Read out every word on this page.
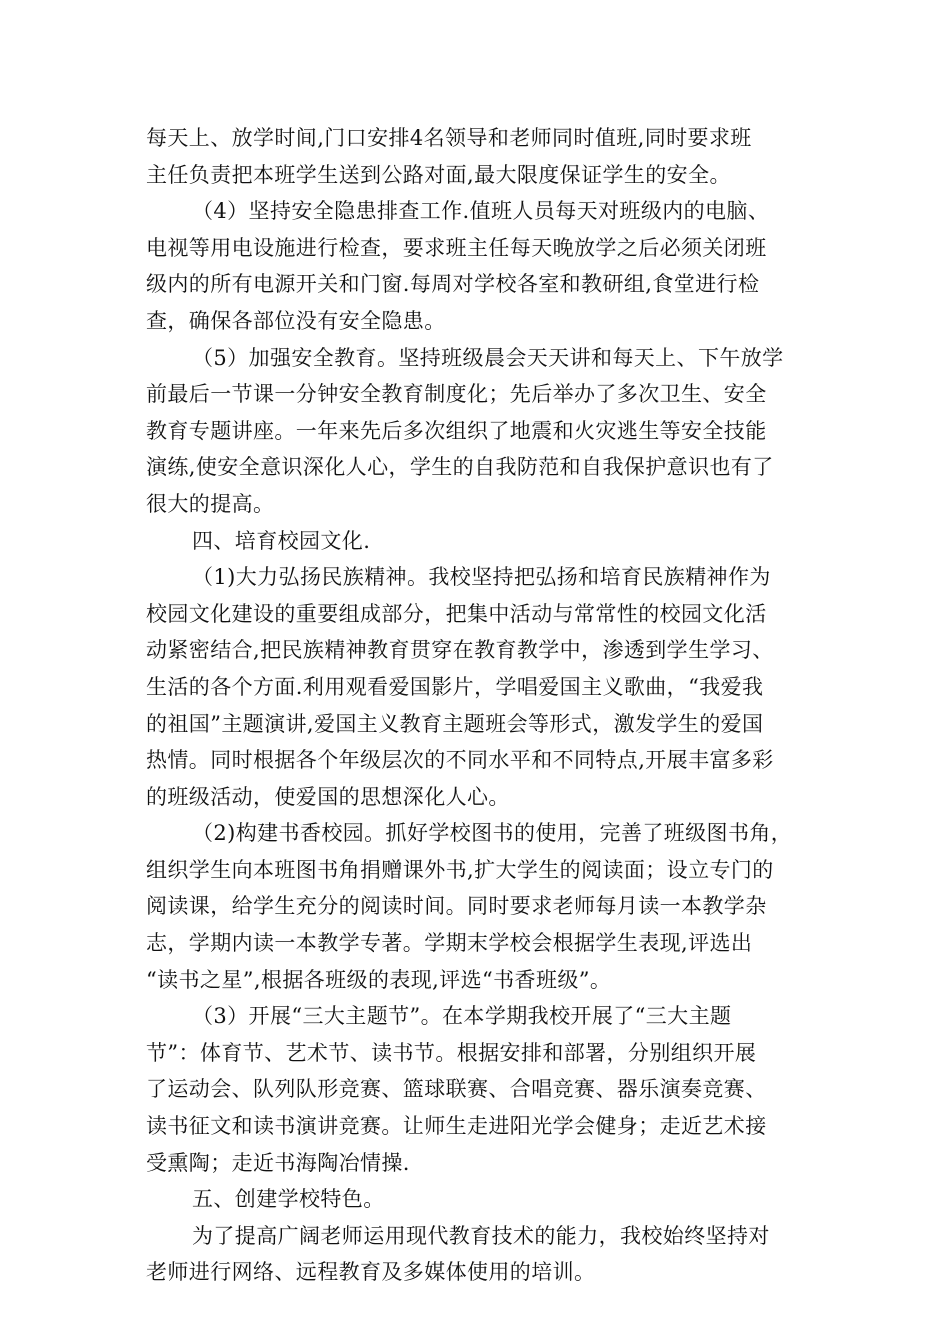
每天上、放学时间,门口安排4名领导和老师同时值班,同时要求班
主任负责把本班学生送到公路对面,最大限度保证学生的安全。
（4）坚持安全隐患排查工作.值班人员每天对班级内的电脑、
电视等用电设施进行检查，要求班主任每天晚放学之后必须关闭班
级内的所有电源开关和门窗.每周对学校各室和教研组,食堂进行检
查，确保各部位没有安全隐患。
（5）加强安全教育。坚持班级晨会天天讲和每天上、下午放学
前最后一节课一分钟安全教育制度化；先后举办了多次卫生、安全
教育专题讲座。一年来先后多次组织了地震和火灾逃生等安全技能
演练,使安全意识深化人心，学生的自我防范和自我保护意识也有了
很大的提高。
四、培育校园文化.
（1)大力弘扬民族精神。我校坚持把弘扬和培育民族精神作为
校园文化建设的重要组成部分，把集中活动与常常性的校园文化活
动紧密结合,把民族精神教育贯穿在教育教学中，渗透到学生学习、
生活的各个方面.利用观看爱国影片，学唱爱国主义歌曲，“我爱我
的祖国”主题演讲,爱国主义教育主题班会等形式，激发学生的爱国
热情。同时根据各个年级层次的不同水平和不同特点,开展丰富多彩
的班级活动，使爱国的思想深化人心。
（2)构建书香校园。抓好学校图书的使用，完善了班级图书角，
组织学生向本班图书角捐赠课外书,扩大学生的阅读面；设立专门的
阅读课，给学生充分的阅读时间。同时要求老师每月读一本教学杂
志，学期内读一本教学专著。学期末学校会根据学生表现,评选出
“读书之星”,根据各班级的表现,评选“书香班级”。
（3）开展“三大主题节”。在本学期我校开展了“三大主题
节”：体育节、艺术节、读书节。根据安排和部署，分别组织开展
了运动会、队列队形竞赛、篮球联赛、合唱竞赛、器乐演奏竞赛、
读书征文和读书演讲竞赛。让师生走进阳光学会健身；走近艺术接
受熏陶；走近书海陶冶情操.
五、创建学校特色。
为了提高广阔老师运用现代教育技术的能力，我校始终坚持对
老师进行网络、远程教育及多媒体使用的培训。
